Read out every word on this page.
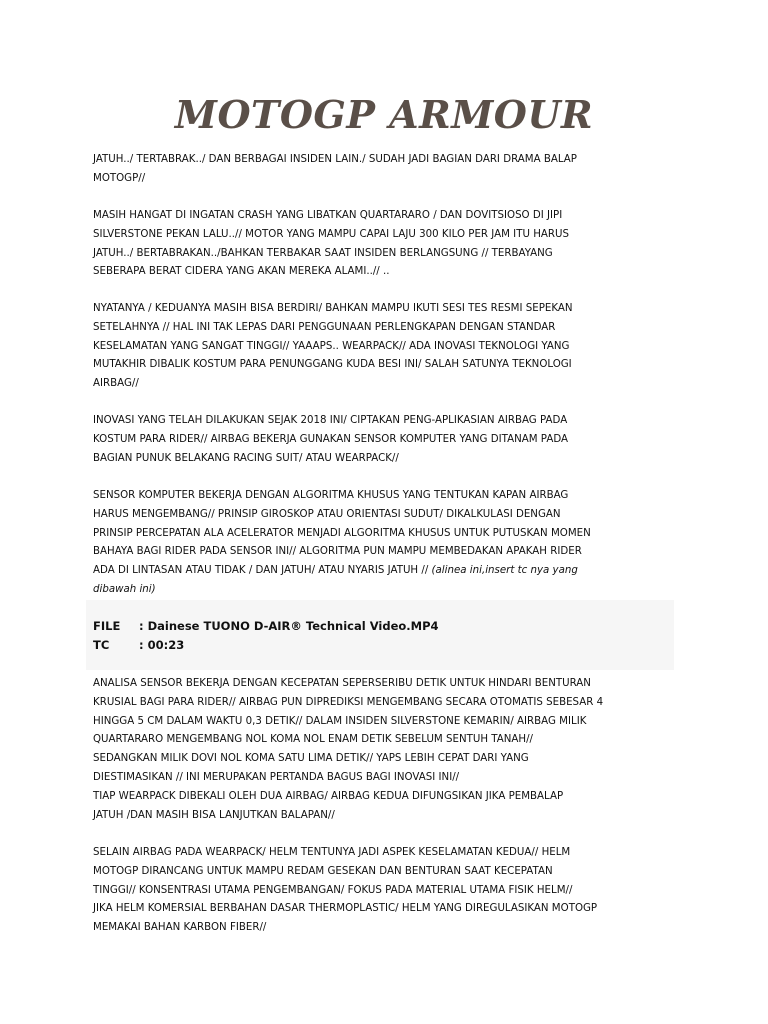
MOTOGP ARMOUR
JATUH../ TERTABRAK../ DAN BERBAGAI INSIDEN LAIN./ SUDAH JADI BAGIAN DARI DRAMA BALAP
MOTOGP//
MASIH HANGAT DI INGATAN CRASH YANG LIBATKAN QUARTARARO / DAN DOVITSIOSO DI JIPI
SILVERSTONE PEKAN LALU..// MOTOR YANG MAMPU CAPAI LAJU 300 KILO PER JAM ITU HARUS
JATUH../ BERTABRAKAN../BAHKAN TERBAKAR SAAT INSIDEN BERLANGSUNG // TERBAYANG
SEBERAPA BERAT CIDERA YANG AKAN MEREKA ALAMI..// ..
NYATANYA / KEDUANYA MASIH BISA BERDIRI/ BAHKAN MAMPU IKUTI SESI TES RESMI SEPEKAN
SETELAHNYA // HAL INI TAK LEPAS DARI PENGGUNAAN PERLENGKAPAN DENGAN STANDAR
KESELAMATAN YANG SANGAT TINGGI// YAAAPS.. WEARPACK// ADA INOVASI TEKNOLOGI YANG
MUTAKHIR DIBALIK KOSTUM PARA PENUNGGANG KUDA BESI INI/ SALAH SATUNYA TEKNOLOGI
AIRBAG//
INOVASI YANG TELAH DILAKUKAN SEJAK 2018 INI/ CIPTAKAN PENG-APLIKASIAN AIRBAG PADA
KOSTUM PARA RIDER// AIRBAG BEKERJA GUNAKAN SENSOR KOMPUTER YANG DITANAM PADA
BAGIAN PUNUK BELAKANG RACING SUIT/ ATAU WEARPACK//
SENSOR KOMPUTER BEKERJA DENGAN ALGORITMA KHUSUS YANG TENTUKAN KAPAN AIRBAG
HARUS MENGEMBANG// PRINSIP GIROSKOP ATAU ORIENTASI SUDUT/ DIKALKULASI DENGAN
PRINSIP PERCEPATAN ALA ACELERATOR MENJADI ALGORITMA KHUSUS UNTUK PUTUSKAN MOMEN
BAHAYA BAGI RIDER PADA SENSOR INI// ALGORITMA PUN MAMPU MEMBEDAKAN APAKAH RIDER
ADA DI LINTASAN ATAU TIDAK / DAN JATUH/ ATAU NYARIS JATUH // (alinea ini,insert tc nya yang
dibawah ini)
FILE : Dainese TUONO D-AIR® Technical Video.MP4
TC	: 00:23
ANALISA SENSOR BEKERJA DENGAN KECEPATAN SEPERSERIBU DETIK UNTUK HINDARI BENTURAN
KRUSIAL BAGI PARA RIDER// AIRBAG PUN DIPREDIKSI MENGEMBANG SECARA OTOMATIS SEBESAR 4
HINGGA 5 CM DALAM WAKTU 0,3 DETIK// DALAM INSIDEN SILVERSTONE KEMARIN/ AIRBAG MILIK
QUARTARARO MENGEMBANG NOL KOMA NOL ENAM DETIK SEBELUM SENTUH TANAH//
SEDANGKAN MILIK DOVI NOL KOMA SATU LIMA DETIK// YAPS LEBIH CEPAT DARI YANG
DIESTIMASIKAN // INI MERUPAKAN PERTANDA BAGUS BAGI INOVASI INI//
TIAP WEARPACK DIBEKALI OLEH DUA AIRBAG/ AIRBAG KEDUA DIFUNGSIKAN JIKA PEMBALAP
JATUH /DAN MASIH BISA LANJUTKAN BALAPAN//
SELAIN AIRBAG PADA WEARPACK/ HELM TENTUNYA JADI ASPEK KESELAMATAN KEDUA// HELM
MOTOGP DIRANCANG UNTUK MAMPU REDAM GESEKAN DAN BENTURAN SAAT KECEPATAN
TINGGI// KONSENTRASI UTAMA PENGEMBANGAN/ FOKUS PADA MATERIAL UTAMA FISIK HELM//
JIKA HELM KOMERSIAL BERBAHAN DASAR THERMOPLASTIC/ HELM YANG DIREGULASIKAN MOTOGP
MEMAKAI BAHAN KARBON FIBER//
